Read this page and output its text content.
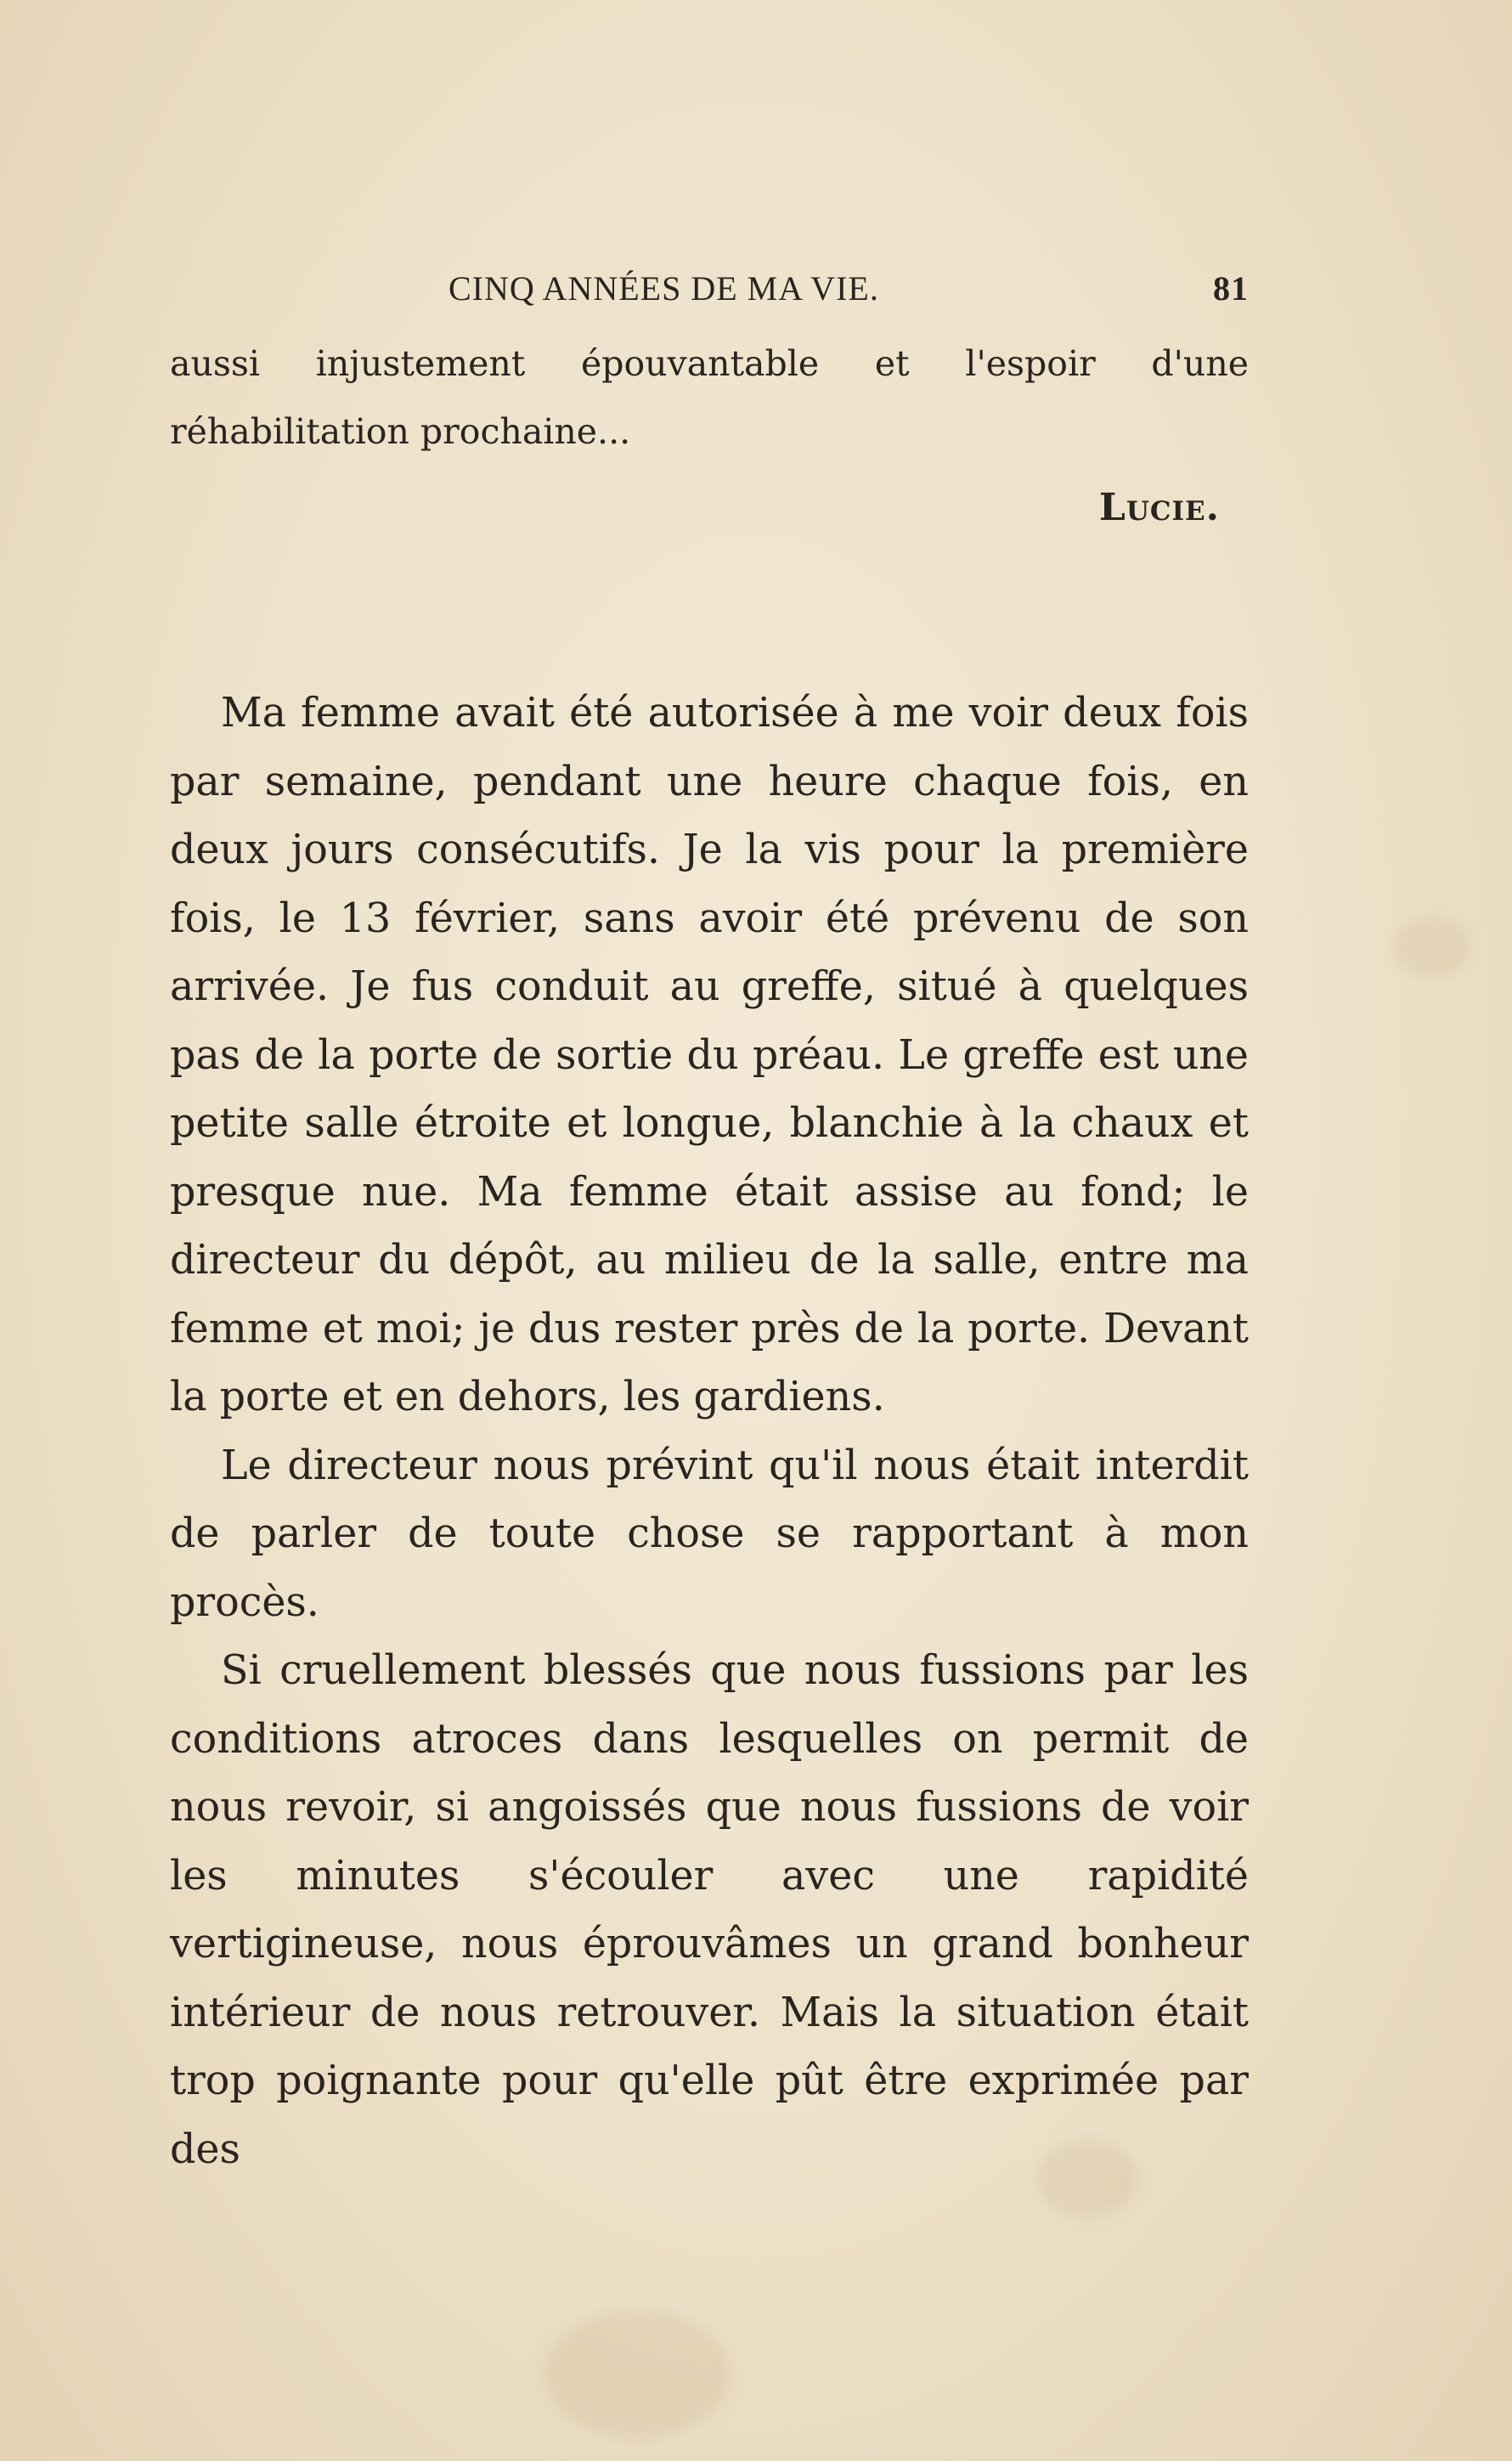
CINQ ANNÉES DE MA VIE.	81

aussi injustement épouvantable et l'espoir d'une réhabilitation prochaine...

Lucie.

Ma femme avait été autorisée à me voir deux fois par semaine, pendant une heure chaque fois, en deux jours consécutifs. Je la vis pour la première fois, le 13 février, sans avoir été prévenu de son arrivée. Je fus conduit au greffe, situé à quelques pas de la porte de sortie du préau. Le greffe est une petite salle étroite et longue, blanchie à la chaux et presque nue. Ma femme était assise au fond; le directeur du dépôt, au milieu de la salle, entre ma femme et moi; je dus rester près de la porte. Devant la porte et en dehors, les gardiens.

Le directeur nous prévint qu'il nous était interdit de parler de toute chose se rapportant à mon procès.

Si cruellement blessés que nous fussions par les conditions atroces dans lesquelles on permit de nous revoir, si angoissés que nous fussions de voir les minutes s'écouler avec une rapidité vertigineuse, nous éprouvâmes un grand bonheur intérieur de nous retrouver. Mais la situation était trop poignante pour qu'elle pût être exprimée par des
